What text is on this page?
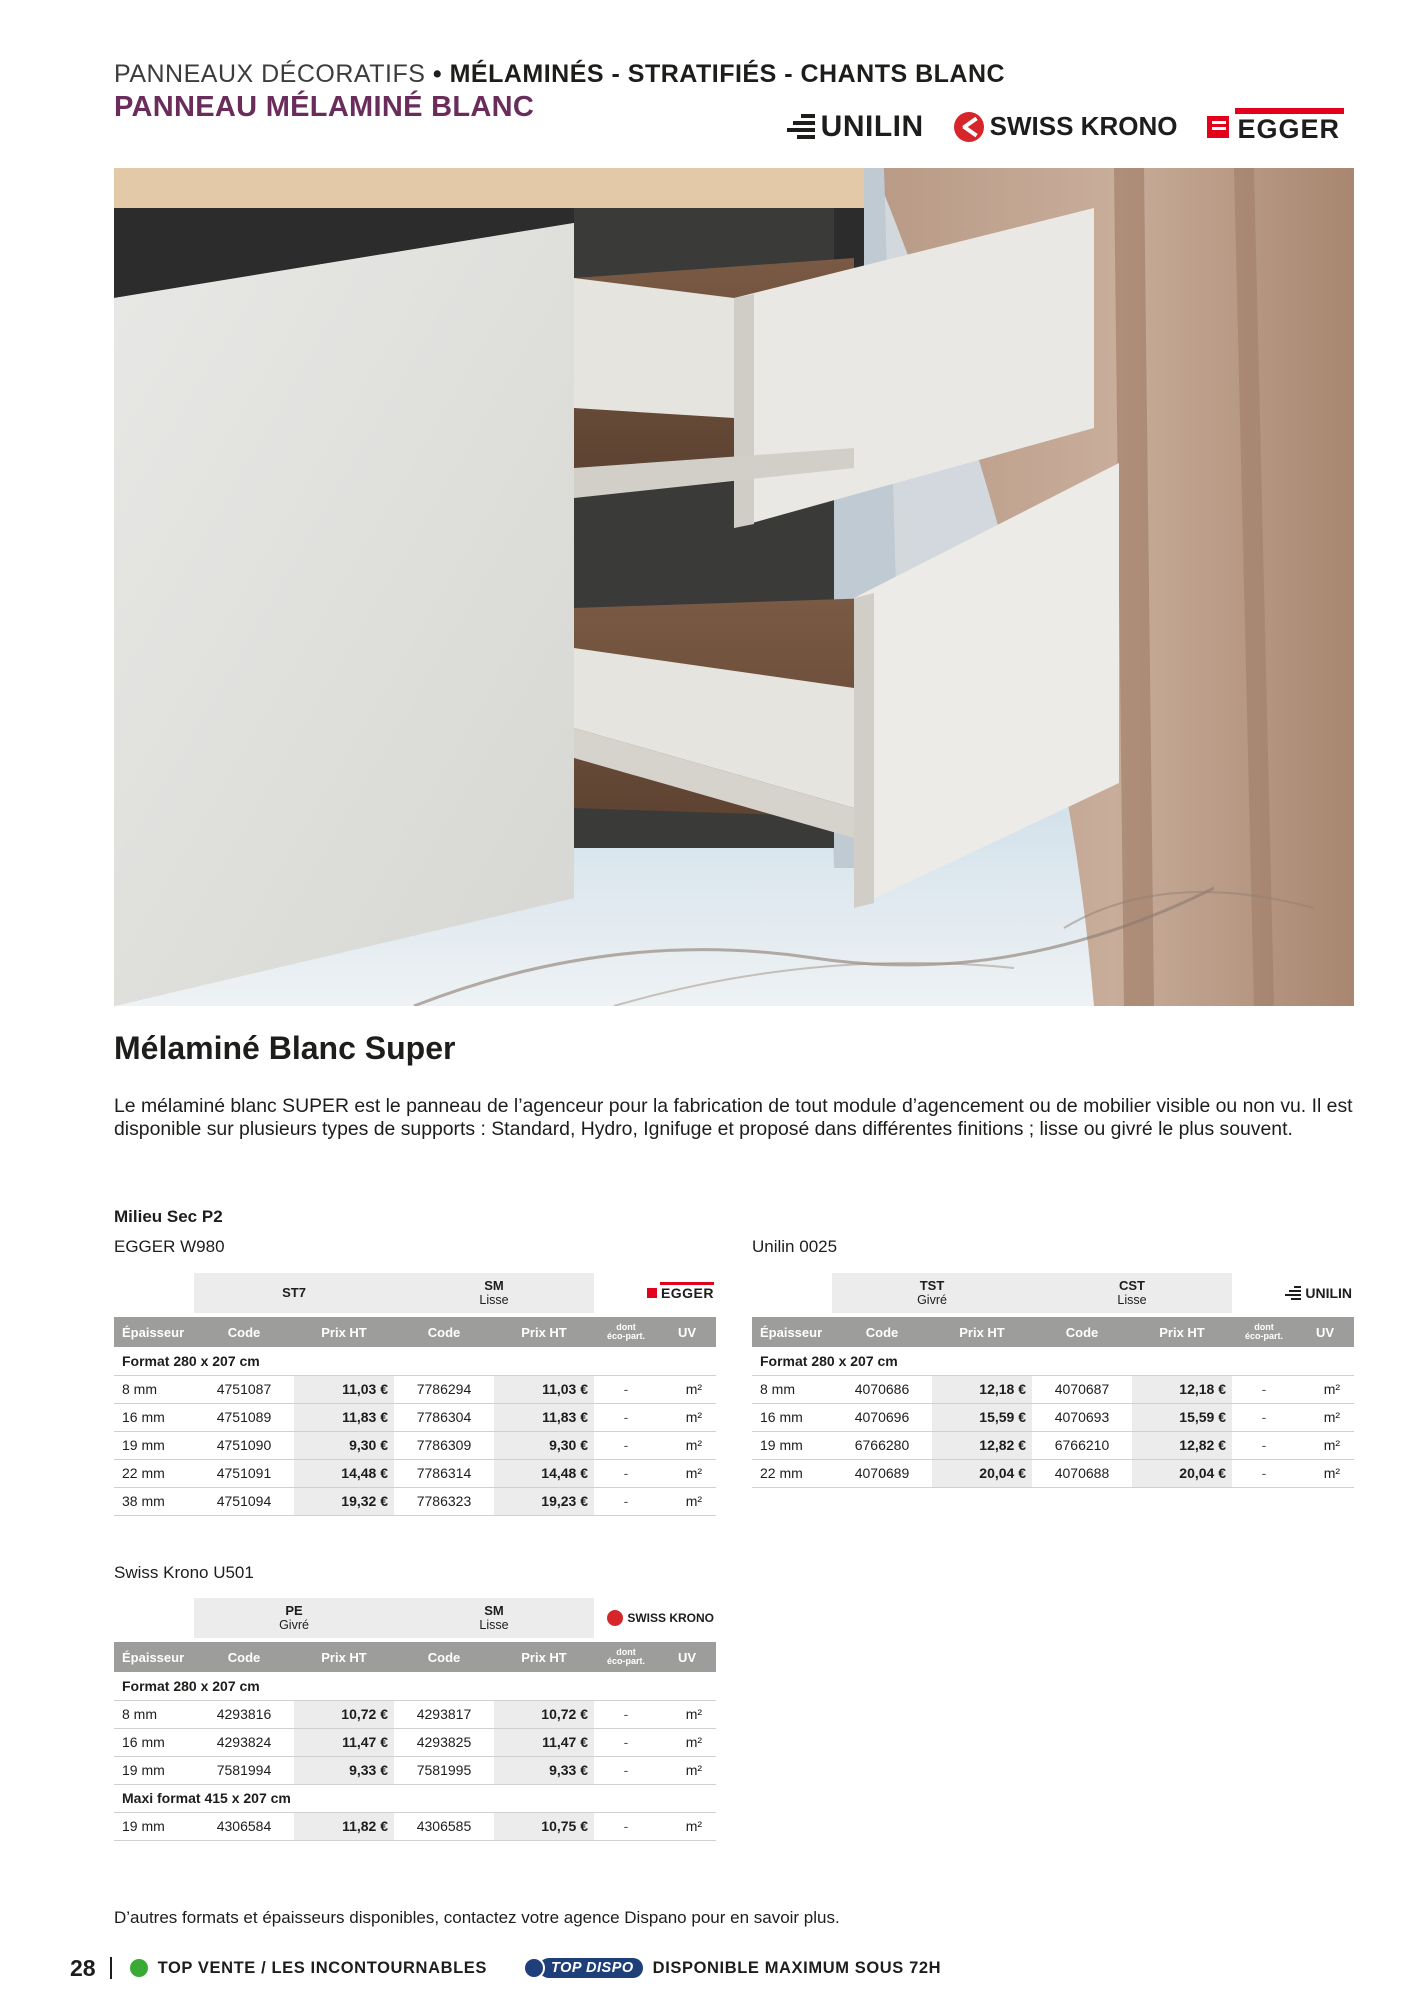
PANNEAUX DÉCORATIFS • MÉLAMINÉS - STRATIFIÉS - CHANTS BLANC
PANNEAU MÉLAMINÉ BLANC
UNILIN	SWISS KRONO EGGER
Mélaminé Blanc Super
Le mélaminé blanc SUPER est le panneau de l’agenceur pour la fabrication de tout module d’agencement ou de mobilier visible ou non vu. Il est disponible sur plusieurs types de supports : Standard, Hydro, Ignifuge et proposé dans différentes finitions ; lisse ou givré le plus souvent.
Milieu Sec P2
EGGER W980	Unilin 0025
Swiss Krono U501
	ST7		SM
Lisse		EGGER	

Épaisseur	Code	Prix HT	Code	Prix HT	dont
éco-part.	UV
Format 280 x 207 cm						
8 mm	4751087	11,03 €	7786294	11,03 €	-	m²
16 mm	4751089	11,83 €	7786304	11,83 €	-	m²
19 mm	4751090	9,30 €	7786309	9,30 €	-	m²
22 mm	4751091	14,48 €	7786314	14,48 €	-	m²
38 mm	4751094	19,32 €	7786323	19,23 €	-	m²
	TST
Givré		CST
Lisse		UNILIN	

Épaisseur	Code	Prix HT	Code	Prix HT	dont
éco-part.	UV
Format 280 x 207 cm						
8 mm	4070686	12,18 €	4070687	12,18 €	-	m²
16 mm	4070696	15,59 €	4070693	15,59 €	-	m²
19 mm	6766280	12,82 €	6766210	12,82 €	-	m²
22 mm	4070689	20,04 €	4070688	20,04 €	-	m²
	PE
Givré		SM
Lisse		SWISS KRONO	

Épaisseur	Code	Prix HT	Code	Prix HT	dont
éco-part.	UV
Format 280 x 207 cm						
8 mm	4293816	10,72 €	4293817	10,72 €	-	m²
16 mm	4293824	11,47 €	4293825	11,47 €	-	m²
19 mm	7581994	9,33 €	7581995	9,33 €	-	m²
Maxi format 415 x 207 cm						
19 mm	4306584	11,82 €	4306585	10,75 €	-	m²
D’autres formats et épaisseurs disponibles, contactez votre agence Dispano pour en savoir plus.
28	TOP VENTE / LES INCONTOURNABLES	TOP DISPO	DISPONIBLE MAXIMUM SOUS 72H
